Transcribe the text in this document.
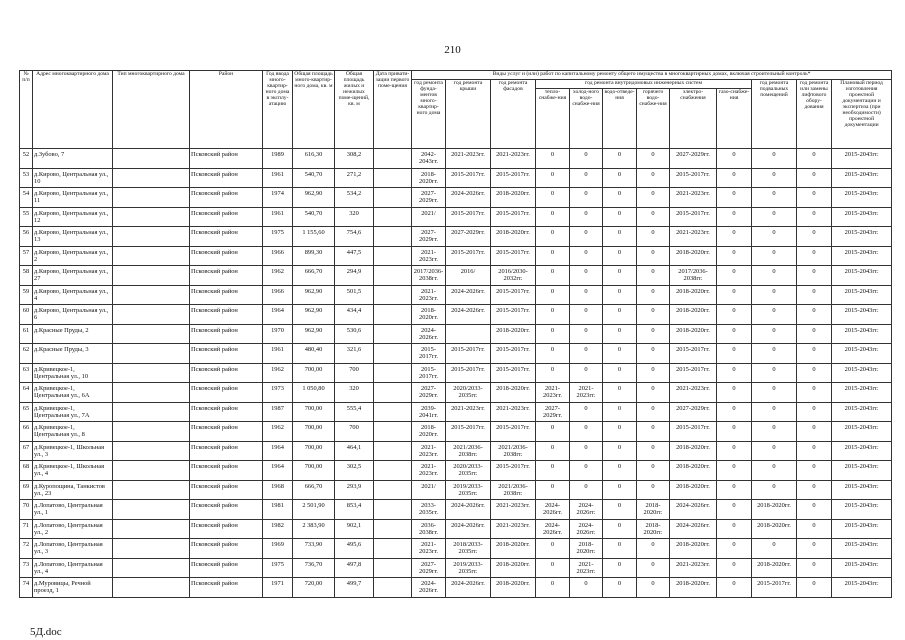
210
№ п/п	Адрес многоквартирного дома	Тип многоквартирного дома	Район	Год ввода много-квартир-ного дома в эксплу-атацию	Общая площадь много-квартир-ного дома, кв. м	Общая площадь жилых и нежилых поме-щений, кв. м	Дата привати-зации первого поме-щения	Виды услуг и (или) работ по капитальному ремонту общего имущества в многоквартирных домах, включая строительный контроль*											
								год ремонта фунда-ментов много-квартир-ного дома	год ремонта крыши	год ремонта фасадов	год ремонта внутридомовых инженерных систем						год ремонта подвальных помещений	год ремонта или замены лифтового обору-дования	Плановый период изготовления проектной документации и экспертиза (при необходимости) проектной документации
											тепло-снабже-ния	холод-ного водо-снабже-ния	водо-отведе-ния	горячего водо-снабже-ния	электро-снабжения	газо-снабже-ния			
52	д.Зубово, 7		Псковский район	1989	616,30	308,2		2042-2043гг.	2021-2023гг.	2021-2023гг.	0	0	0	0	2027-2029гг.	0	0	0	2015-2043гг.
53	д.Кирово, Центральная ул., 10		Псковский район	1961	540,70	271,2		2018-2020гг.	2015-2017гг.	2015-2017гг.	0	0	0	0	2015-2017гг.	0	0	0	2015-2043гг.
54	д.Кирово, Центральная ул., 11		Псковский район	1974	962,90	534,2		2027-2029гг.	2024-2026гг.	2018-2020гг.	0	0	0	0	2021-2023гг.	0	0	0	2015-2043гг.
55	д.Кирово, Центральная ул., 12		Псковский район	1961	540,70	320		2021/	2015-2017гг.	2015-2017гг.	0	0	0	0	2015-2017гг.	0	0	0	2015-2043гг.
56	д.Кирово, Центральная ул., 13		Псковский район	1975	1 155,60	754,6		2027-2029гг.	2027-2029гг.	2018-2020гг.	0	0	0	0	2021-2023гг.	0	0	0	2015-2043гг.
57	д.Кирово, Центральная ул., 2		Псковский район	1966	899,30	447,5		2021-2023гг.	2015-2017гг.	2015-2017гг.	0	0	0	0	2018-2020гг.	0	0	0	2015-2043гг.
58	д.Кирово, Центральная ул., 27		Псковский район	1962	666,70	294,9		2017/2036-2038гг.	2016/	2016/2030-2032гг.	0	0	0	0	2017/2036-2038гг.	0	0	0	2015-2043гг.
59	д.Кирово, Центральная ул., 4		Псковский район	1966	962,90	501,5		2021-2023гг.	2024-2026гг.	2015-2017гг.	0	0	0	0	2018-2020гг.	0	0	0	2015-2043гг.
60	д.Кирово, Центральная ул., 6		Псковский район	1964	962,90	434,4		2018-2020гг.	2024-2026гг.	2015-2017гг.	0	0	0	0	2018-2020гг.	0	0	0	2015-2043гг.
61	д.Красные Пруды, 2		Псковский район	1970	962,90	530,6		2024-2026гг.		2018-2020гг.	0	0	0	0	2018-2020гг.	0	0	0	2015-2043гг.
62	д.Красные Пруды, 3		Псковский район	1961	480,40	321,6		2015-2017гг.	2015-2017гг.	2015-2017гг.	0	0	0	0	2015-2017гг.	0	0	0	2015-2043гг.
63	д.Кривецкое-1, Центральная ул., 10		Псковский район	1962	700,00	700		2015-2017гг.	2015-2017гг.	2015-2017гг.	0	0	0	0	2015-2017гг.	0	0	0	2015-2043гг.
64	д.Кривецкое-1, Центральная ул., 6А		Псковский район	1973	1 050,80	320		2027-2029гг.	2020/2033-2035гг.	2018-2020гг.	2021-2023гг.	2021-2023гг.	0	0	2021-2023гг.	0	0	0	2015-2043гг.
65	д.Кривецкое-1, Центральная ул., 7А		Псковский район	1987	700,00	555,4		2039-2041гг.	2021-2023гг.	2021-2023гг.	2027-2029гг.	0	0	0	2027-2029гг.	0	0	0	2015-2043гг.
66	д.Кривецкое-1, Центральная ул., 8		Псковский район	1962	700,00	700		2018-2020гг.	2015-2017гг.	2015-2017гг.	0	0	0	0	2015-2017гг.	0	0	0	2015-2043гг.
67	д.Кривецкое-1, Школьная ул., 3		Псковский район	1964	700,00	464,1		2021-2023гг.	2021/2036-2038гг.	2021/2036-2038гг.	0	0	0	0	2018-2020гг.	0	0	0	2015-2043гг.
68	д.Кривецкое-1, Школьная ул., 4		Псковский район	1964	700,00	302,5		2021-2023гг.	2020/2033-2035гг.	2015-2017гг.	0	0	0	0	2018-2020гг.	0	0	0	2015-2043гг.
69	д.Куропощина, Танкистов ул., 23		Псковский район	1968	666,70	293,9		2021/	2019/2033-2035гг.	2021/2036-2038гг.	0	0	0	0	2018-2020гг.	0	0	0	2015-2043гг.
70	д.Лопатово, Центральная ул., 1		Псковский район	1981	2 501,90	853,4		2033-2035гг.	2024-2026гг.	2021-2023гг.	2024-2026гг.	2024-2026гг.	0	2018-2020гг.	2024-2026гг.	0	2018-2020гг.	0	2015-2043гг.
71	д.Лопатово, Центральная ул., 2		Псковский район	1982	2 383,90	902,1		2036-2038гг.	2024-2026гг.	2021-2023гг.	2024-2026гг.	2024-2026гг.	0	2018-2020гг.	2024-2026гг.	0	2018-2020гг.	0	2015-2043гг.
72	д.Лопатово, Центральная ул., 3		Псковский район	1969	733,90	495,6		2021-2023гг.	2018/2033-2035гг.	2018-2020гг.	0	2018-2020гг.	0	0	2018-2020гг.	0	0	0	2015-2043гг.
73	д.Лопатово, Центральная ул., 4		Псковский район	1975	736,70	497,8		2027-2029гг.	2019/2033-2035гг.	2018-2020гг.	0	2021-2023гг.	0	0	2021-2023гг.	0	2018-2020гг.	0	2015-2043гг.
74	д.Муровицы, Речной проезд, 1		Псковский район	1971	720,00	499,7		2024-2026гг.	2024-2026гг.	2018-2020гг.	0	0	0	0	2018-2020гг.	0	2015-2017гг.	0	2015-2043гг.
5Д.doc
